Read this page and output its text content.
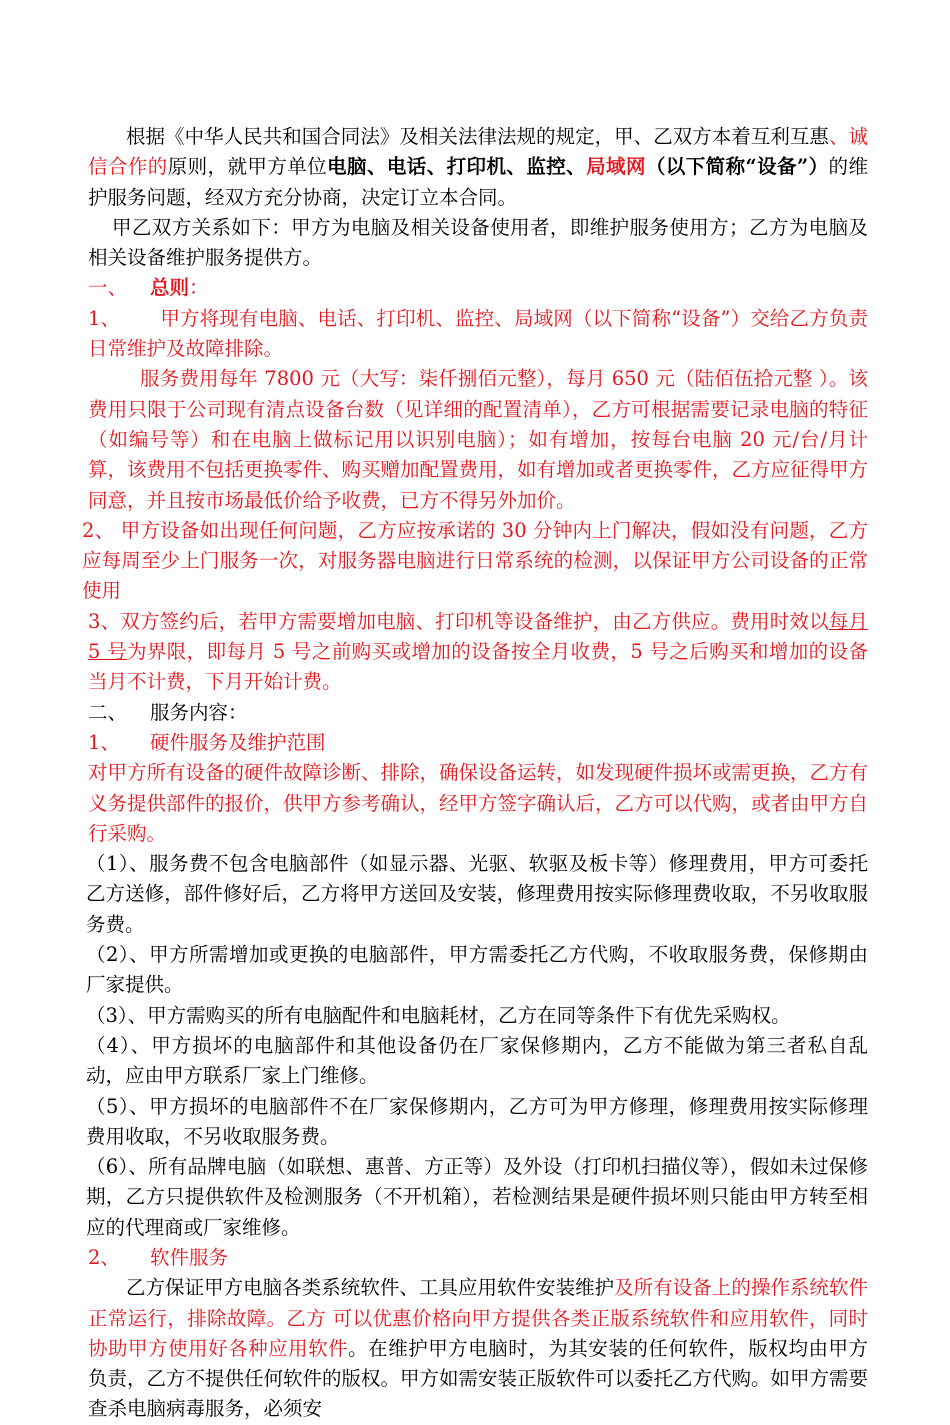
根据《中华人民共和国合同法》及相关法律法规的规定，甲、乙双方本着互利互惠、诚信合作的原则，就甲方单位电脑、电话、打印机、监控、局域网（以下简称“设备”）的维护服务问题，经双方充分协商，决定订立本合同。

甲乙双方关系如下：甲方为电脑及相关设备使用者，即维护服务使用方；乙方为电脑及相关设备维护服务提供方。

一、	总则：

1、 甲方将现有电脑、电话、打印机、监控、局域网（以下简称“设备”）交给乙方负责日常维护及故障排除。

服务费用每年 7800 元（大写：柒仟捌佰元整），每月 650 元（陆佰伍拾元整 ）。该费用只限于公司现有清点设备台数（见详细的配置清单），乙方可根据需要记录电脑的特征（如编号等）和在电脑上做标记用以识别电脑）；如有增加，按每台电脑 20 元/台/月计算，该费用不包括更换零件、购买赠加配置费用，如有增加或者更换零件，乙方应征得甲方同意，并且按市场最低价给予收费，已方不得另外加价。

2、 甲方设备如出现任何问题，乙方应按承诺的 30 分钟内上门解决，假如没有问题，乙方应每周至少上门服务一次，对服务器电脑进行日常系统的检测，以保证甲方公司设备的正常使用

3、双方签约后，若甲方需要增加电脑、打印机等设备维护，由乙方供应。费用时效以每月 5 号为界限，即每月 5 号之前购买或增加的设备按全月收费，5 号之后购买和增加的设备当月不计费，下月开始计费。

二、	服务内容：
1、	硬件服务及维护范围

对甲方所有设备的硬件故障诊断、排除，确保设备运转，如发现硬件损坏或需更换，乙方有义务提供部件的报价，供甲方参考确认，经甲方签字确认后，乙方可以代购，或者由甲方自行采购。

（1）、服务费不包含电脑部件（如显示器、光驱、软驱及板卡等）修理费用，甲方可委托乙方送修，部件修好后，乙方将甲方送回及安装，修理费用按实际修理费收取，不另收取服务费。

（2）、甲方所需增加或更换的电脑部件，甲方需委托乙方代购，不收取服务费，保修期由厂家提供。

（3）、甲方需购买的所有电脑配件和电脑耗材，乙方在同等条件下有优先采购权。

（4）、甲方损坏的电脑部件和其他设备仍在厂家保修期内，乙方不能做为第三者私自乱动，应由甲方联系厂家上门维修。

（5）、甲方损坏的电脑部件不在厂家保修期内，乙方可为甲方修理，修理费用按实际修理费用收取，不另收取服务费。

（6）、所有品牌电脑（如联想、惠普、方正等）及外设（打印机扫描仪等），假如未过保修期，乙方只提供软件及检测服务（不开机箱），若检测结果是硬件损坏则只能由甲方转至相应的代理商或厂家维修。

2、	软件服务

乙方保证甲方电脑各类系统软件、工具应用软件安装维护及所有设备上的操作系统软件正常运行，排除故障。乙方 可以优惠价格向甲方提供各类正版系统软件和应用软件，同时协助甲方使用好各种应用软件。在维护甲方电脑时，为其安装的任何软件，版权均由甲方负责，乙方不提供任何软件的版权。甲方如需安装正版软件可以委托乙方代购。如甲方需要查杀电脑病毒服务，必须安
